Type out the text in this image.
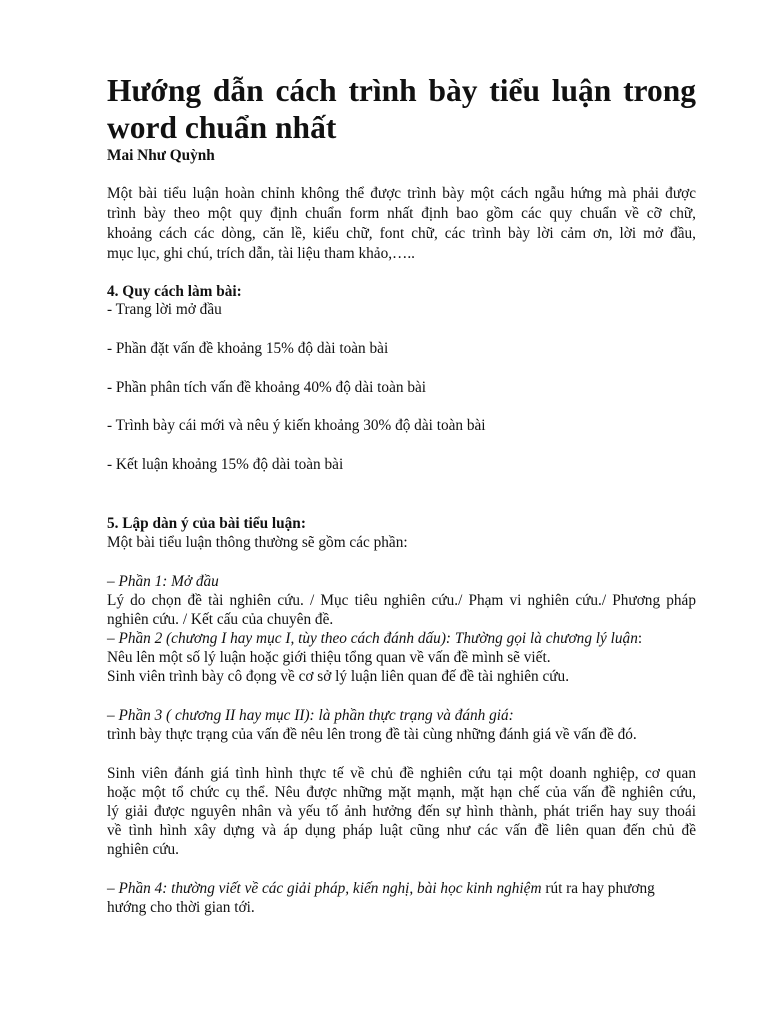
Hướng dẫn cách trình bày tiểu luận trong word chuẩn nhất

Mai Như Quỳnh

Một bài tiểu luận hoàn chỉnh không thể được trình bày một cách ngẫu hứng mà phải được

trình bày theo một quy định chuẩn form nhất định bao gồm các quy chuẩn về cỡ chữ,

khoảng cách các dòng, căn lề, kiểu chữ, font chữ, các trình bày lời cảm ơn, lời mở đầu,

mục lục, ghi chú, trích dẫn, tài liệu tham khảo,…..

4. Quy cách làm bài:

- Trang lời mở đầu

- Phần đặt vấn đề khoảng 15% độ dài toàn bài

- Phần phân tích vấn đề khoảng 40% độ dài toàn bài

- Trình bày cái mới và nêu ý kiến khoảng 30% độ dài toàn bài

- Kết luận khoảng 15% độ dài toàn bài

5. Lập dàn ý của bài tiểu luận:

Một bài tiểu luận thông thường sẽ gồm các phần:

– Phần 1: Mở đầu

Lý do chọn đề tài nghiên cứu. / Mục tiêu nghiên cứu./ Phạm vi nghiên cứu./ Phương pháp

nghiên cứu. / Kết cấu của chuyên đề.

– Phần 2 (chương I hay mục I, tùy theo cách đánh dấu): Thường gọi là chương lý luận:

Nêu lên một số lý luận hoặc giới thiệu tổng quan về vấn đề mình sẽ viết.

Sinh viên trình bày cô đọng về cơ sở lý luận liên quan đế đề tài nghiên cứu.

– Phần 3 ( chương II hay mục II): là phần thực trạng và đánh giá:

trình bày thực trạng của vấn đề nêu lên trong đề tài cùng những đánh giá về vấn đề đó.

Sinh viên đánh giá tình hình thực tế về chủ đề nghiên cứu tại một doanh nghiệp, cơ quan

hoặc một tổ chức cụ thể. Nêu được những mặt mạnh, mặt hạn chế của vấn đề nghiên cứu,

lý giải được nguyên nhân và yếu tố ảnh hưởng đến sự hình thành, phát triển hay suy thoái

về tình hình xây dựng và áp dụng pháp luật cũng như các vấn đề liên quan đến chủ đề

nghiên cứu.

– Phần 4: thường viết về các giải pháp, kiến nghị, bài học kinh nghiệm rút ra hay phương

hướng cho thời gian tới.
